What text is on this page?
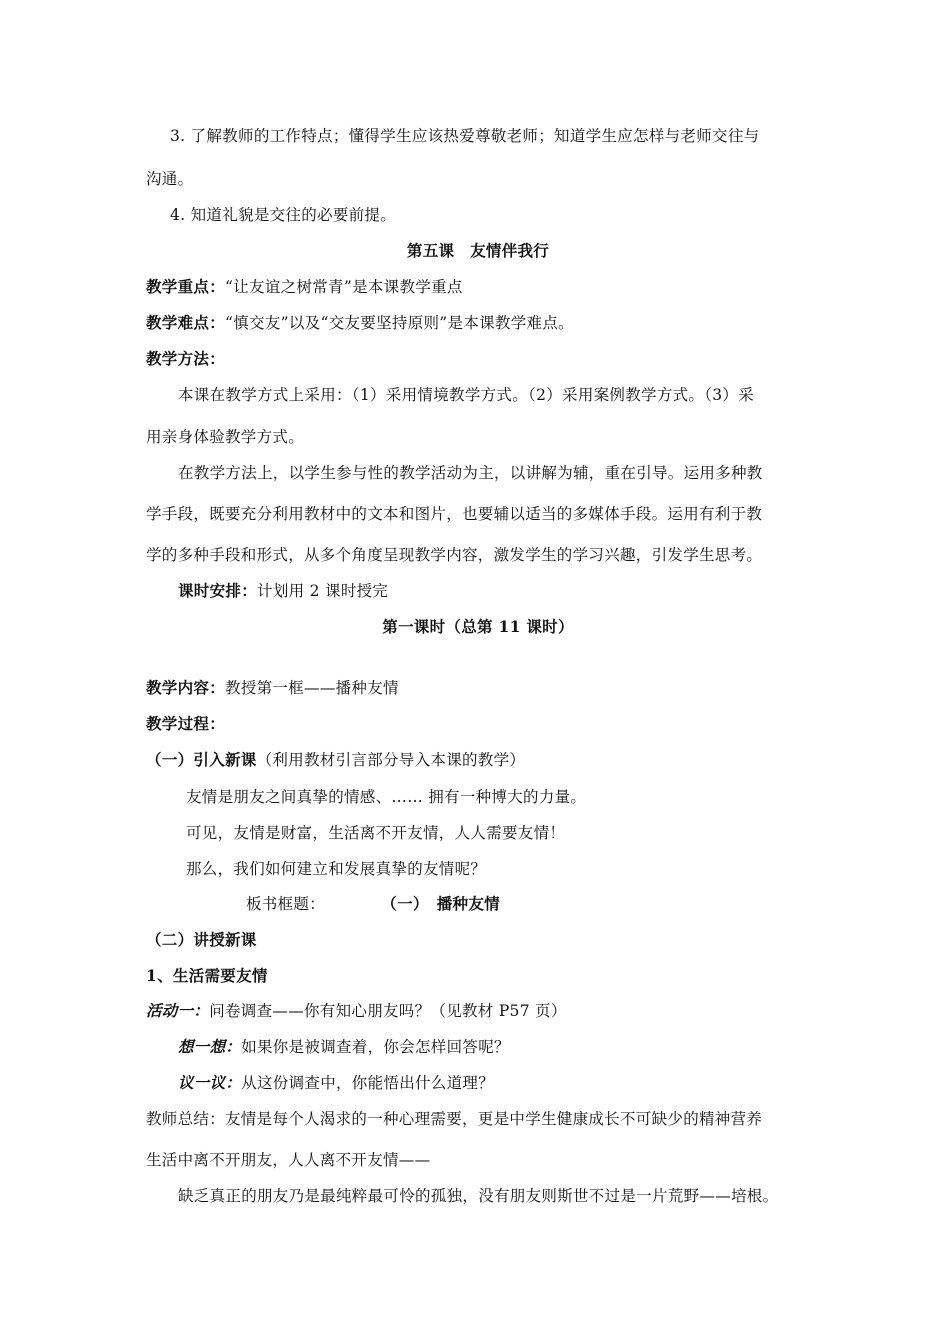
3. 了解教师的工作特点；懂得学生应该热爱尊敬老师；知道学生应怎样与老师交往与
沟通。
4. 知道礼貌是交往的必要前提。
第五课　友情伴我行
教学重点：“让友谊之树常青”是本课教学重点
教学难点：“慎交友”以及“交友要坚持原则”是本课教学难点。
教学方法：
本课在教学方式上采用：（1）采用情境教学方式。（2）采用案例教学方式。（3）采
用亲身体验教学方式。
在教学方法上，以学生参与性的教学活动为主，以讲解为辅，重在引导。运用多种教
学手段，既要充分利用教材中的文本和图片，也要辅以适当的多媒体手段。运用有利于教
学的多种手段和形式，从多个角度呈现教学内容，激发学生的学习兴趣，引发学生思考。
课时安排：计划用 2 课时授完
第一课时（总第 11 课时）
教学内容：教授第一框——播种友情
教学过程：
（一）引入新课（利用教材引言部分导入本课的教学）
友情是朋友之间真挚的情感、…… 拥有一种博大的力量。
可见，友情是财富，生活离不开友情，人人需要友情！
那么，我们如何建立和发展真挚的友情呢？
板书框题：	（一）　播种友情
（二）讲授新课
1、生活需要友情
活动一：问卷调查——你有知心朋友吗？（见教材 P57 页）
想一想：如果你是被调查着，你会怎样回答呢？
议一议：从这份调查中，你能悟出什么道理？
教师总结：友情是每个人渴求的一种心理需要，更是中学生健康成长不可缺少的精神营养
生活中离不开朋友，人人离不开友情——
缺乏真正的朋友乃是最纯粹最可怜的孤独，没有朋友则斯世不过是一片荒野——培根。
